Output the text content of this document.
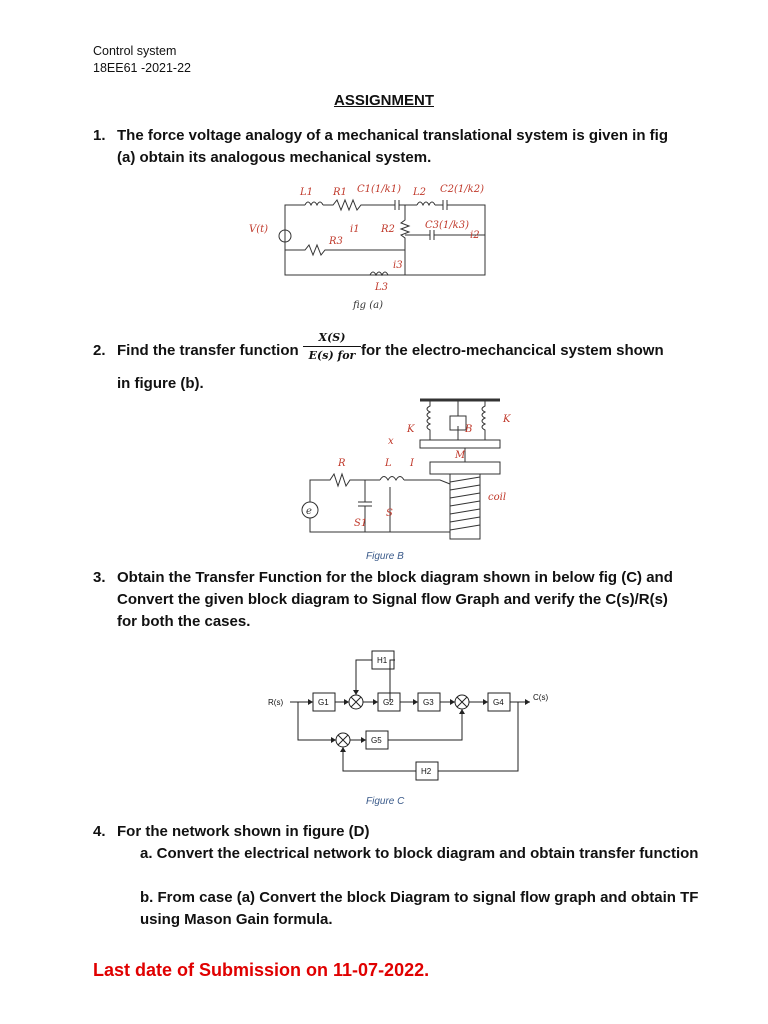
Control system
18EE61 -2021-22
ASSIGNMENT
1. The force voltage analogy of a mechanical translational system is given in fig (a) obtain its analogous mechanical system.
L1 R1 C1(1/k1) L2 C2(1/k2)
V(t)	i1 R2	C3(1/k3)
i2
R3
i3
L3
fig (a)
2. Find the transfer function
X(S)
E(s) for for the electro-mechancical system shown
in figure (b).
K	B
K
x
M
R	L I
e
S1
S
coil
Figure B
3. Obtain the Transfer Function for the block diagram shown in below fig (C) and Convert the given block diagram to Signal flow Graph and verify the C(s)/R(s) for both the cases.
R(s)
C(s)
G1	G2	G3	G4
H1
G5
H2
Figure C
4. For the network shown in figure (D)
a. Convert the electrical network to block diagram and obtain transfer function
b. From case (a) Convert the block Diagram to signal flow graph and obtain TF using Mason Gain formula.
Last date of Submission on 11-07-2022.
